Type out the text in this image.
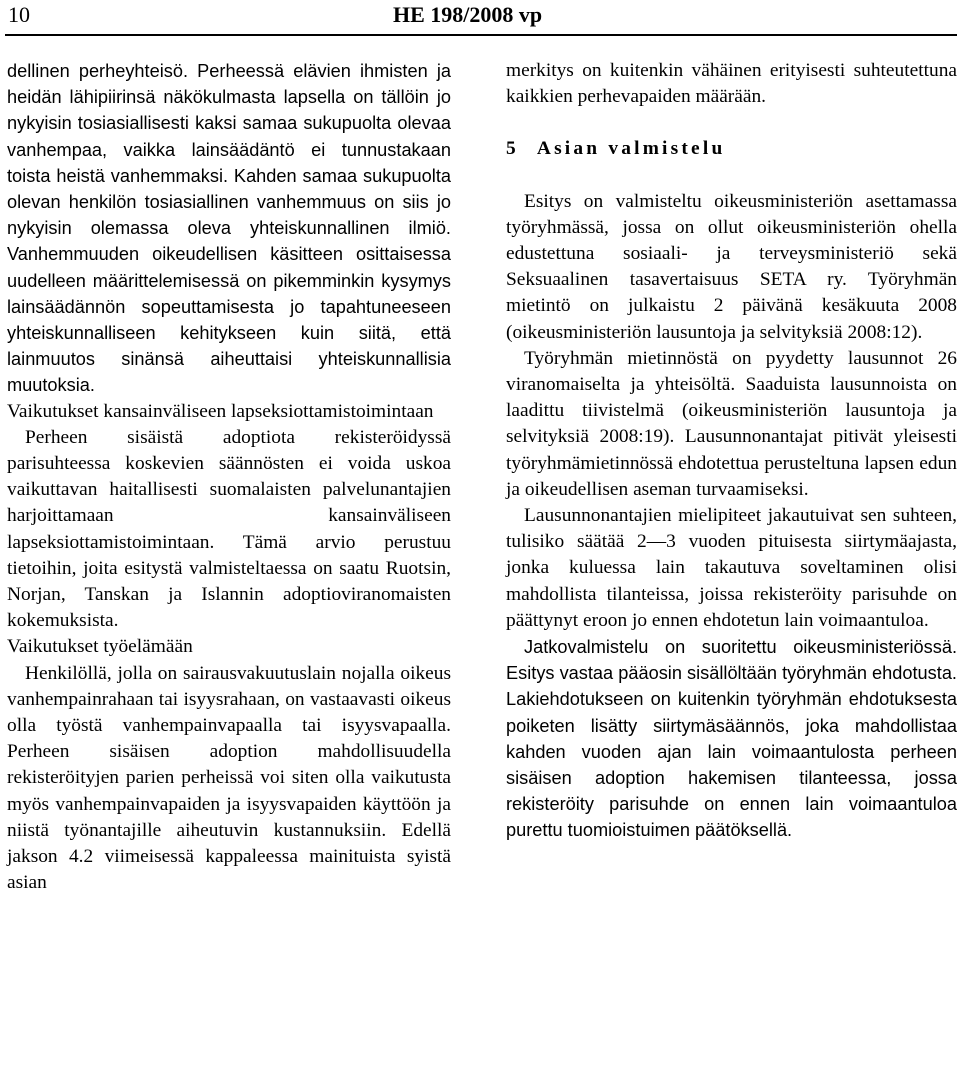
10	HE 198/2008 vp

dellinen perheyhteisö. Perheessä elävien ihmisten ja heidän lähipiirinsä näkökulmasta lapsella on tällöin jo nykyisin tosiasiallisesti kaksi samaa sukupuolta olevaa vanhempaa, vaikka lainsäädäntö ei tunnustakaan toista heistä vanhemmaksi. Kahden samaa sukupuolta olevan henkilön tosiasiallinen vanhemmuus on siis jo nykyisin olemassa oleva yhteiskunnallinen ilmiö. Vanhemmuuden oikeudellisen käsitteen osittaisessa uudelleen määrittelemisessä on pikemminkin kysymys lainsäädännön sopeuttamisesta jo tapahtuneeseen yhteiskunnalliseen kehitykseen kuin siitä, että lainmuutos sinänsä aiheuttaisi yhteiskunnallisia muutoksia.

Vaikutukset kansainväliseen lapseksiottamistoimintaan

Perheen sisäistä adoptiota rekisteröidyssä parisuhteessa koskevien säännösten ei voida uskoa vaikuttavan haitallisesti suomalaisten palvelunantajien harjoittamaan kansainväliseen lapseksiottamistoimintaan. Tämä arvio perustuu tietoihin, joita esitystä valmisteltaessa on saatu Ruotsin, Norjan, Tanskan ja Islannin adoptioviranomaisten kokemuksista.

Vaikutukset työelämään

Henkilöllä, jolla on sairausvakuutuslain nojalla oikeus vanhempainrahaan tai isyysrahaan, on vastaavasti oikeus olla työstä vanhempainvapaalla tai isyysvapaalla. Perheen sisäisen adoption mahdollisuudella rekisteröityjen parien perheissä voi siten olla vaikutusta myös vanhempainvapaiden ja isyysvapaiden käyttöön ja niistä työnantajille aiheutuvin kustannuksiin. Edellä jakson 4.2 viimeisessä kappaleessa mainituista syistä asian

merkitys on kuitenkin vähäinen erityisesti suhteutettuna kaikkien perhevapaiden määrään.

5 Asian valmistelu

Esitys on valmisteltu oikeusministeriön asettamassa työryhmässä, jossa on ollut oikeusministeriön ohella edustettuna sosiaali- ja terveysministeriö sekä Seksuaalinen tasavertaisuus SETA ry. Työryhmän mietintö on julkaistu 2 päivänä kesäkuuta 2008 (oikeusministeriön lausuntoja ja selvityksiä 2008:12).

Työryhmän mietinnöstä on pyydetty lausunnot 26 viranomaiselta ja yhteisöltä. Saaduista lausunnoista on laadittu tiivistelmä (oikeusministeriön lausuntoja ja selvityksiä 2008:19). Lausunnonantajat pitivät yleisesti työryhmämietinnössä ehdotettua perusteltuna lapsen edun ja oikeudellisen aseman turvaamiseksi.

Lausunnonantajien mielipiteet jakautuivat sen suhteen, tulisiko säätää 2—3 vuoden pituisesta siirtymäajasta, jonka kuluessa lain takautuva soveltaminen olisi mahdollista tilanteissa, joissa rekisteröity parisuhde on päättynyt eroon jo ennen ehdotetun lain voimaantuloa.

Jatkovalmistelu on suoritettu oikeusministeriössä. Esitys vastaa pääosin sisällöltään työryhmän ehdotusta. Lakiehdotukseen on kuitenkin työryhmän ehdotuksesta poiketen lisätty siirtymäsäännös, joka mahdollistaa kahden vuoden ajan lain voimaantulosta perheen sisäisen adoption hakemisen tilanteessa, jossa rekisteröity parisuhde on ennen lain voimaantuloa purettu tuomioistuimen päätöksellä.
